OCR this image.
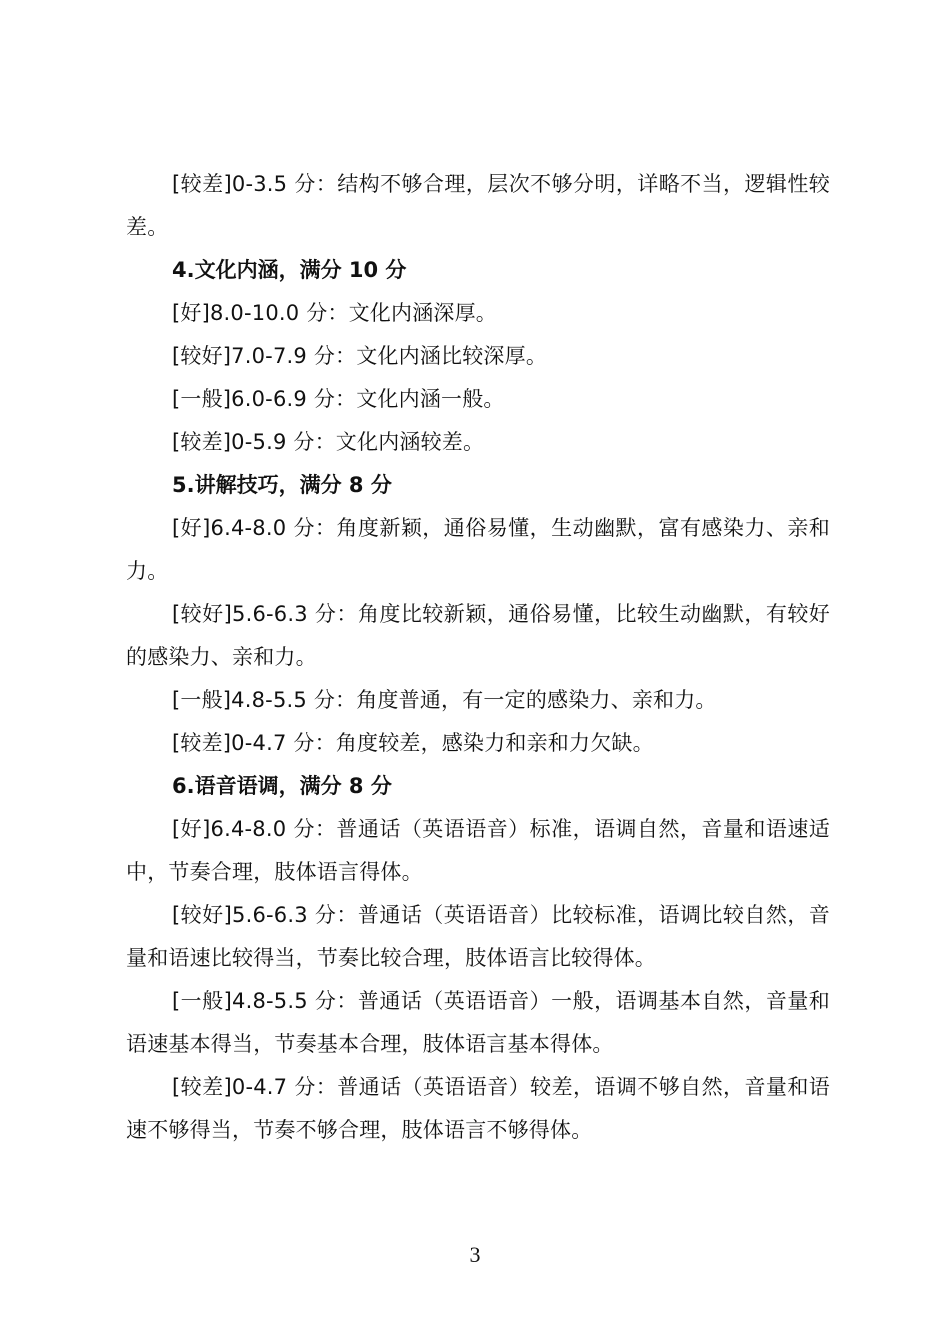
[较差]0-3.5 分：结构不够合理，层次不够分明，详略不当，逻辑性较差。

4.文化内涵，满分 10 分

[好]8.0-10.0 分：文化内涵深厚。

[较好]7.0-7.9 分：文化内涵比较深厚。

[一般]6.0-6.9 分：文化内涵一般。

[较差]0-5.9 分：文化内涵较差。

5.讲解技巧，满分 8 分

[好]6.4-8.0 分：角度新颖，通俗易懂，生动幽默，富有感染力、亲和力。

[较好]5.6-6.3 分：角度比较新颖，通俗易懂，比较生动幽默，有较好的感染力、亲和力。

[一般]4.8-5.5 分：角度普通，有一定的感染力、亲和力。

[较差]0-4.7 分：角度较差，感染力和亲和力欠缺。

6.语音语调，满分 8 分

[好]6.4-8.0 分：普通话（英语语音）标准，语调自然，音量和语速适中，节奏合理，肢体语言得体。

[较好]5.6-6.3 分：普通话（英语语音）比较标准，语调比较自然，音量和语速比较得当，节奏比较合理，肢体语言比较得体。

[一般]4.8-5.5 分：普通话（英语语音）一般，语调基本自然，音量和语速基本得当，节奏基本合理，肢体语言基本得体。

[较差]0-4.7 分：普通话（英语语音）较差，语调不够自然，音量和语速不够得当，节奏不够合理，肢体语言不够得体。

3
